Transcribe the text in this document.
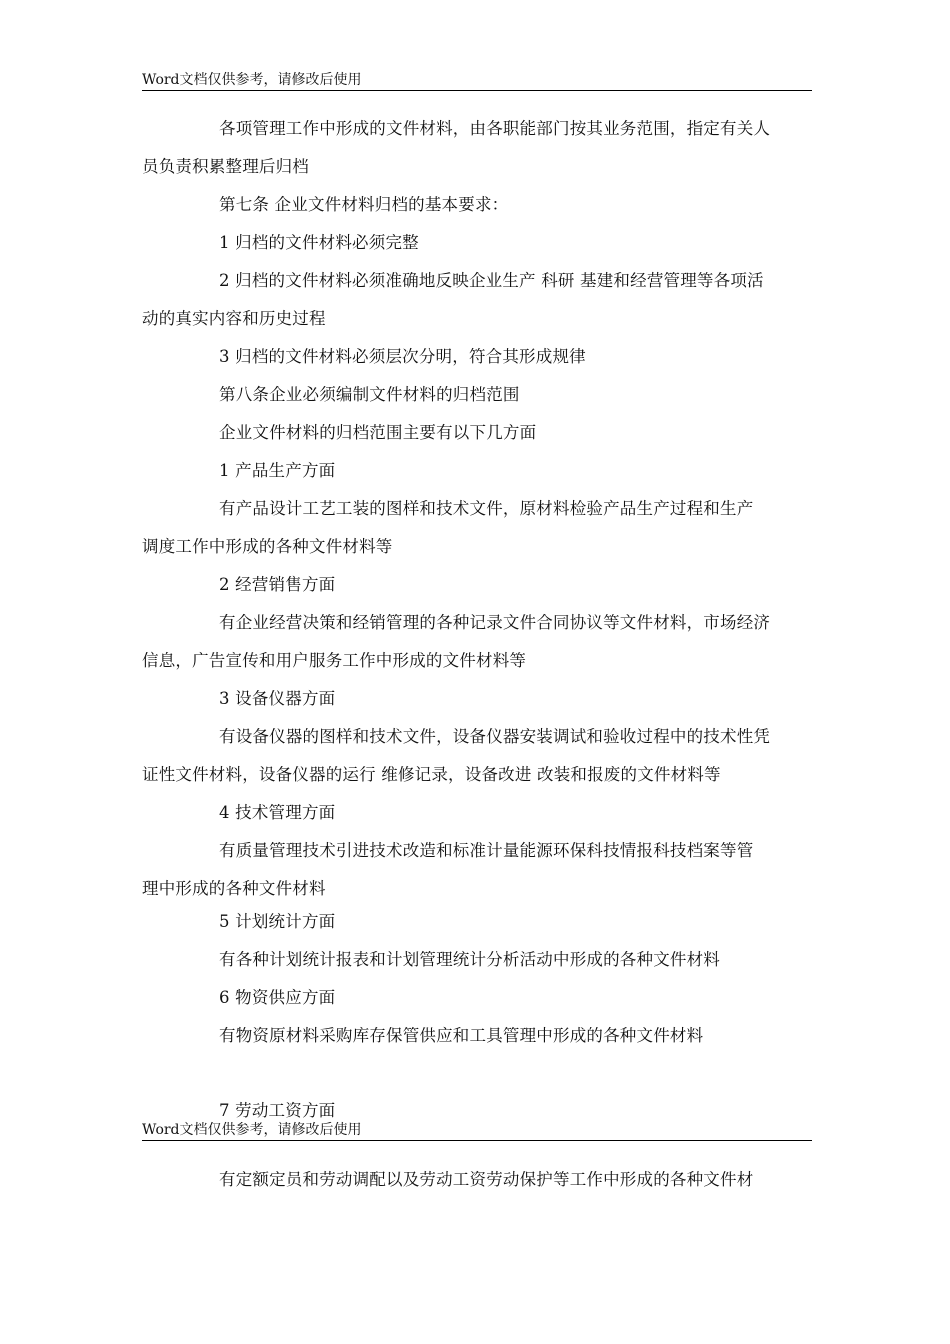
Word文档仅供参考，请修改后使用
各项管理工作中形成的文件材料，由各职能部门按其业务范围，指定有关人
员负责积累整理后归档
第七条 企业文件材料归档的基本要求：
1 归档的文件材料必须完整
2 归档的文件材料必须准确地反映企业生产 科研 基建和经营管理等各项活
动的真实内容和历史过程
3 归档的文件材料必须层次分明，符合其形成规律
第八条企业必须编制文件材料的归档范围
企业文件材料的归档范围主要有以下几方面
1 产品生产方面
有产品设计工艺工装的图样和技术文件，原材料检验产品生产过程和生产
调度工作中形成的各种文件材料等
2 经营销售方面
有企业经营决策和经销管理的各种记录文件合同协议等文件材料，市场经济
信息，广告宣传和用户服务工作中形成的文件材料等
3 设备仪器方面
有设备仪器的图样和技术文件，设备仪器安装调试和验收过程中的技术性凭
证性文件材料，设备仪器的运行 维修记录，设备改进 改装和报废的文件材料等
4 技术管理方面
有质量管理技术引进技术改造和标准计量能源环保科技情报科技档案等管
理中形成的各种文件材料
5 计划统计方面
有各种计划统计报表和计划管理统计分析活动中形成的各种文件材料
6 物资供应方面
有物资原材料采购库存保管供应和工具管理中形成的各种文件材料
7 劳动工资方面
Word文档仅供参考，请修改后使用
有定额定员和劳动调配以及劳动工资劳动保护等工作中形成的各种文件材
